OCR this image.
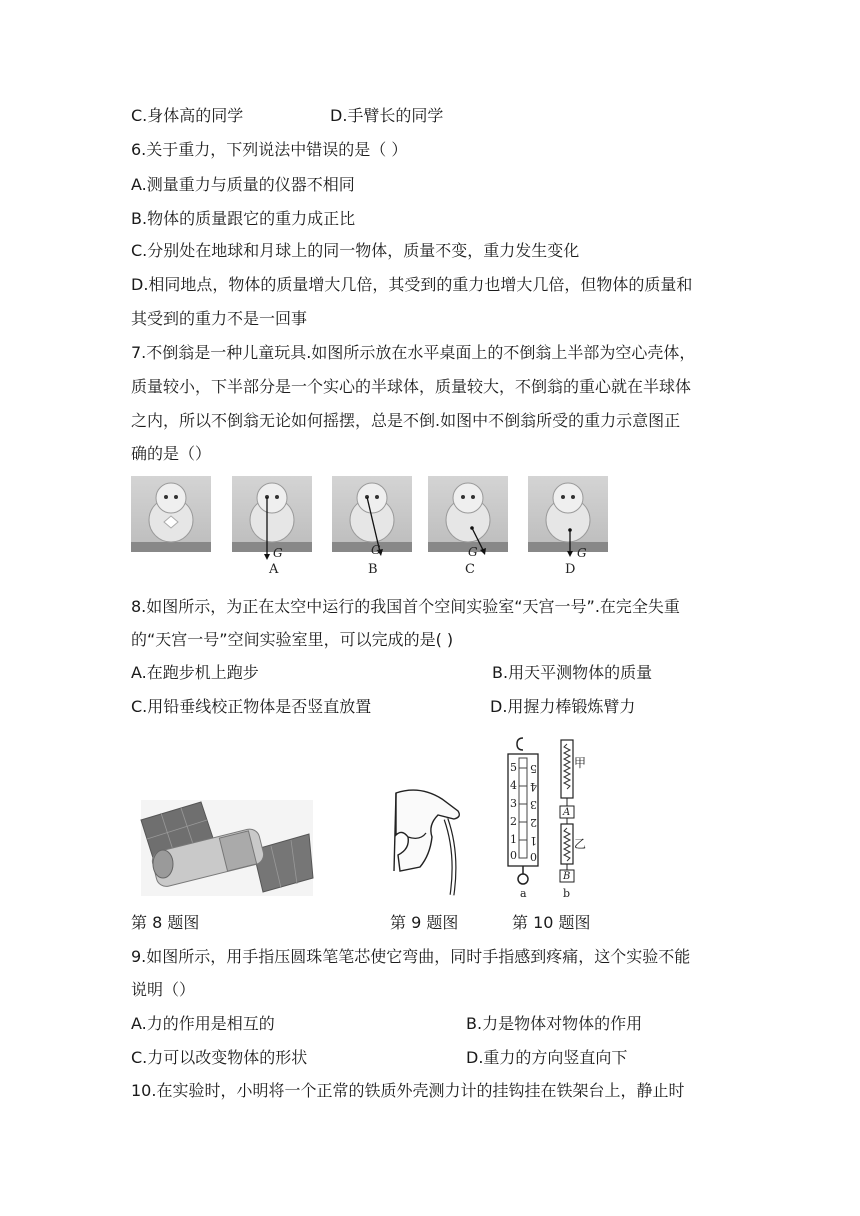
C.身体高的同学	D.手臂长的同学
6.关于重力，下列说法中错误的是（ ）
A.测量重力与质量的仪器不相同
B.物体的质量跟它的重力成正比
C.分别处在地球和月球上的同一物体，质量不变，重力发生变化
D.相同地点，物体的质量增大几倍，其受到的重力也增大几倍，但物体的质量和
其受到的重力不是一回事
7.不倒翁是一种儿童玩具.如图所示放在水平桌面上的不倒翁上半部为空心壳体，
质量较小，下半部分是一个实心的半球体，质量较大，不倒翁的重心就在半球体
之内，所以不倒翁无论如何摇摆，总是不倒.如图中不倒翁所受的重力示意图正
确的是（）
G	G	G	G
A	B	C	D
8.如图所示，为正在太空中运行的我国首个空间实验室“天宫一号”.在完全失重
的“天宫一号”空间实验室里，可以完成的是( )
A.在跑步机上跑步	B.用天平测物体的质量
C.用铅垂线校正物体是否竖直放置	D.用握力棒锻炼臂力
5
4
3
2
1
0
5
4
3
2
1
0
a
A
B
甲
乙
b
第 8 题图	第 9 题图	第 10 题图
9.如图所示，用手指压圆珠笔笔芯使它弯曲，同时手指感到疼痛，这个实验不能
说明（）
A.力的作用是相互的	B.力是物体对物体的作用
C.力可以改变物体的形状	D.重力的方向竖直向下
10.在实验时，小明将一个正常的铁质外壳测力计的挂钩挂在铁架台上，静止时
